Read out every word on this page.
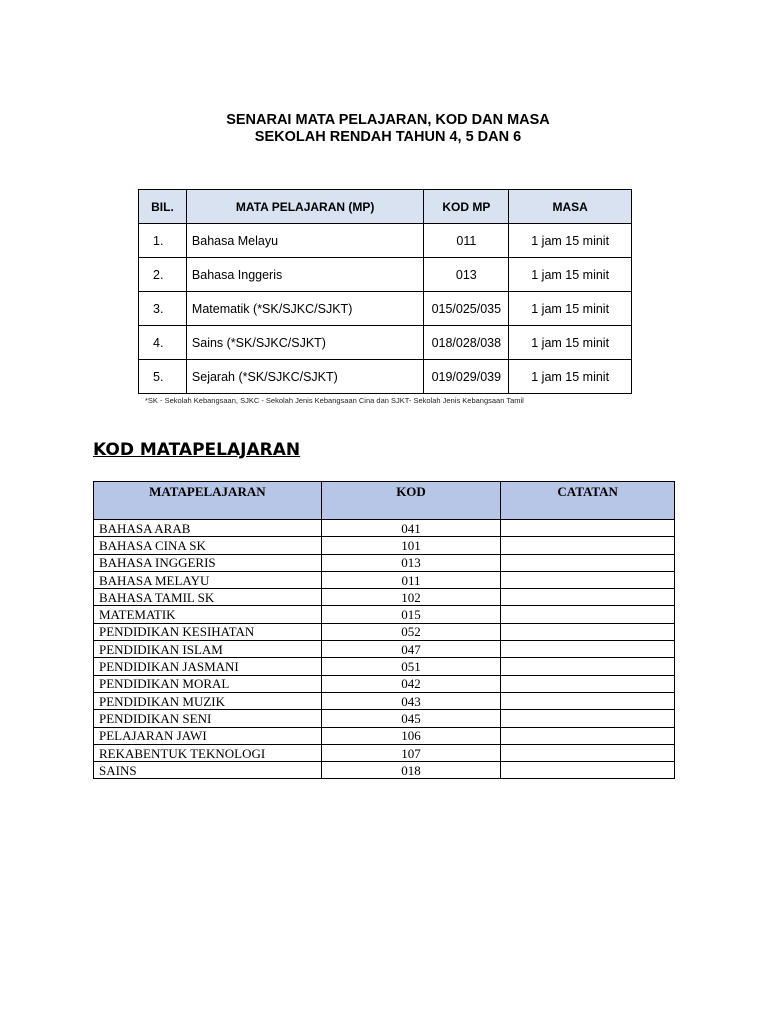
SENARAI MATA PELAJARAN, KOD DAN MASA
SEKOLAH RENDAH TAHUN 4, 5 DAN 6
BIL.	MATA PELAJARAN (MP)	KOD MP	MASA
1.	Bahasa Melayu	011	1 jam 15 minit
2.	Bahasa Inggeris	013	1 jam 15 minit
3.	Matematik (*SK/SJKC/SJKT)	015/025/035	1 jam 15 minit
4.	Sains (*SK/SJKC/SJKT)	018/028/038	1 jam 15 minit
5.	Sejarah (*SK/SJKC/SJKT)	019/029/039	1 jam 15 minit
*SK - Sekolah Kebangsaan, SJKC - Sekolah Jenis Kebangsaan Cina dan SJKT- Sekolah Jenis Kebangsaan Tamil
KOD MATAPELAJARAN
MATAPELAJARAN	KOD	CATATAN
BAHASA ARAB	041	
BAHASA CINA SK	101	
BAHASA INGGERIS	013	
BAHASA MELAYU	011	
BAHASA TAMIL SK	102	
MATEMATIK	015	
PENDIDIKAN KESIHATAN	052	
PENDIDIKAN ISLAM	047	
PENDIDIKAN JASMANI	051	
PENDIDIKAN MORAL	042	
PENDIDIKAN MUZIK	043	
PENDIDIKAN SENI	045	
PELAJARAN JAWI	106	
REKABENTUK TEKNOLOGI	107	
SAINS	018	
